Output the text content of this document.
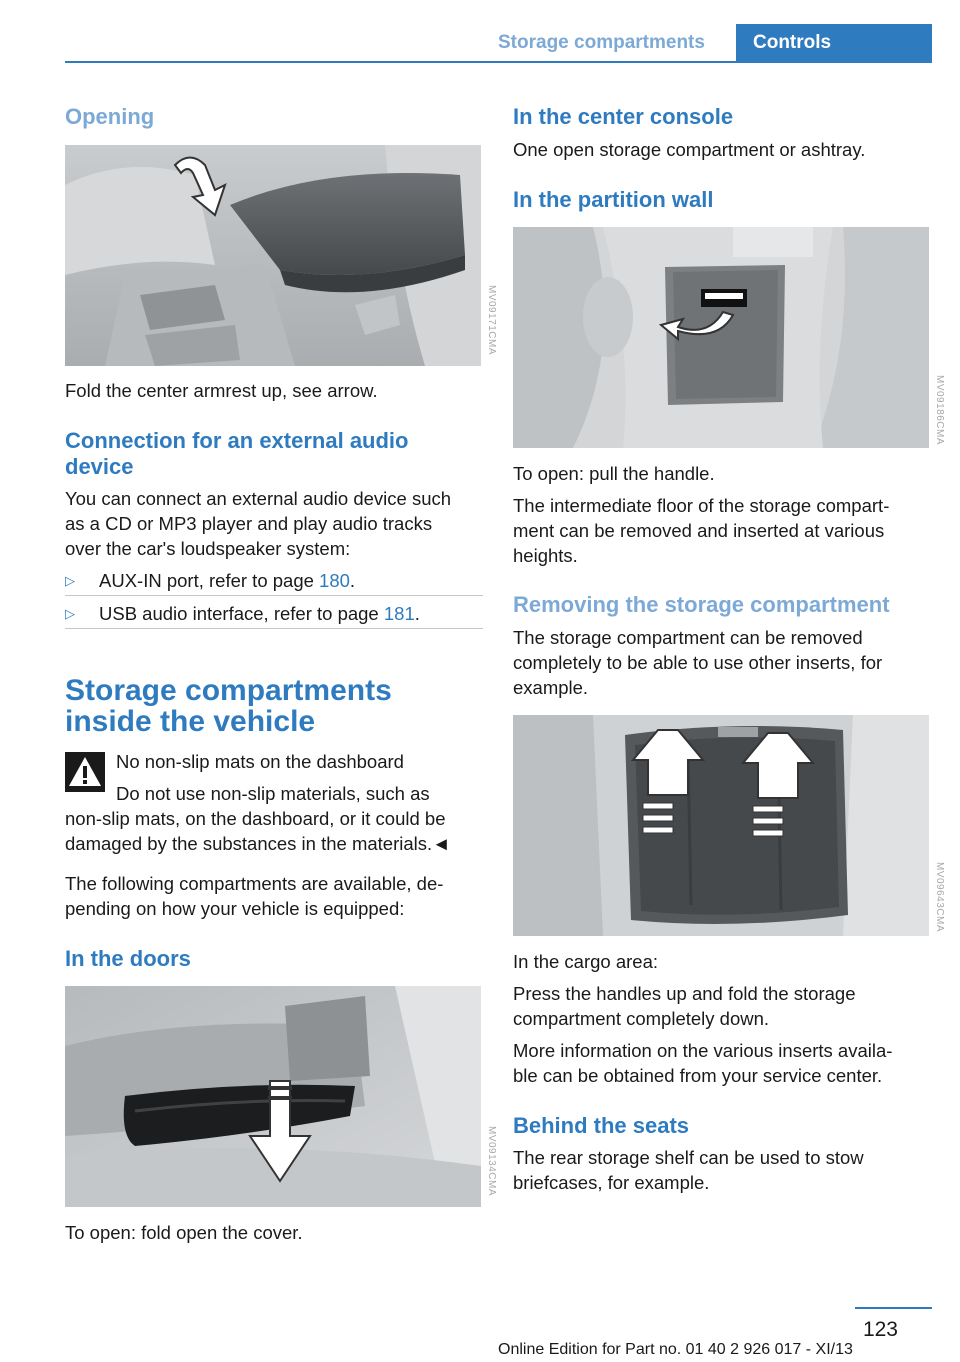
Storage compartments	Controls
Opening
MV09171CMA
Fold the center armrest up, see arrow.
Connection for an external audio
device
You can connect an external audio device such
as a CD or MP3 player and play audio tracks
over the car's loudspeaker system:
▷ AUX-IN port, refer to page 180.
▷ USB audio interface, refer to page 181.
Storage compartments
inside the vehicle
No non-slip mats on the dashboard
Do not use non-slip materials, such as
non-slip mats, on the dashboard, or it could be
damaged by the substances in the materials.◄
The following compartments are available, de-
pending on how your vehicle is equipped:
In the doors
MV09134CMA
To open: fold open the cover.
In the center console
One open storage compartment or ashtray.
In the partition wall
MV09186CMA
To open: pull the handle.
The intermediate floor of the storage compart-
ment can be removed and inserted at various
heights.
Removing the storage compartment
The storage compartment can be removed
completely to be able to use other inserts, for
example.
MV09643CMA
In the cargo area:
Press the handles up and fold the storage
compartment completely down.
More information on the various inserts availa-
ble can be obtained from your service center.
Behind the seats
The rear storage shelf can be used to stow
briefcases, for example.
123
Online Edition for Part no. 01 40 2 926 017 - XI/13
